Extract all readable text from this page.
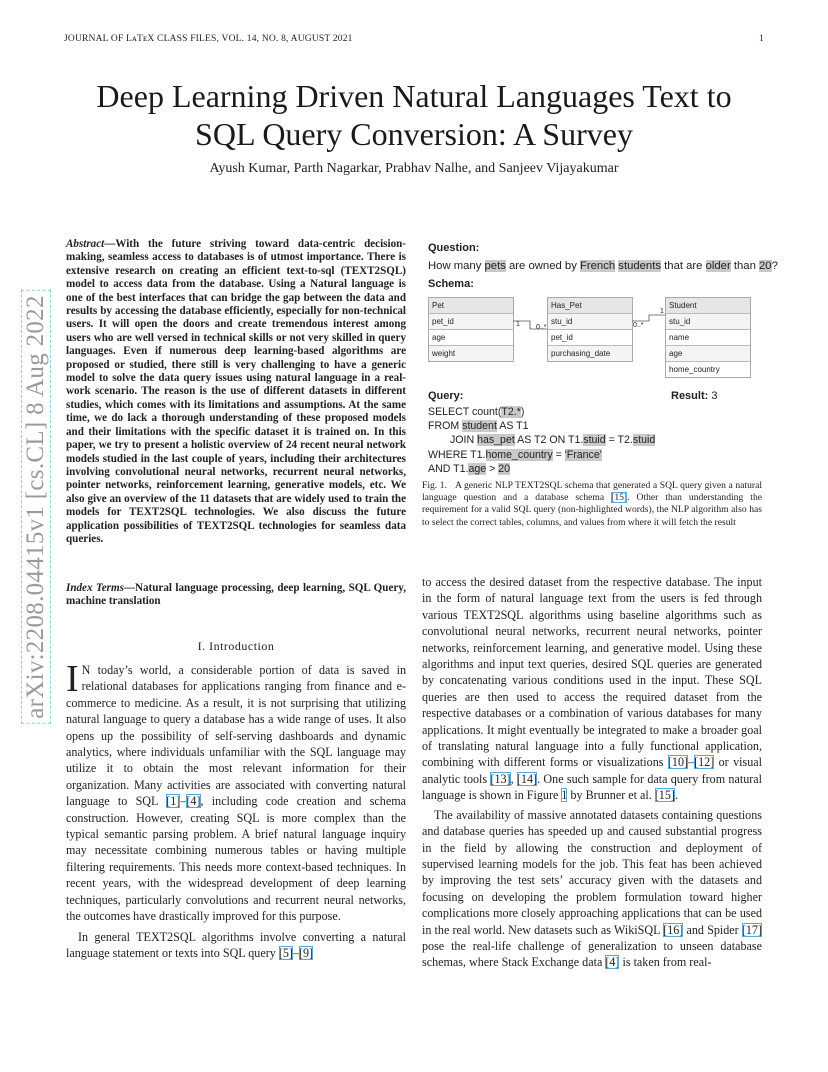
JOURNAL OF LᴀTᴇX CLASS FILES, VOL. 14, NO. 8, AUGUST 2021	1
arXiv:2208.04415v1 [cs.CL] 8 Aug 2022
Deep Learning Driven Natural Languages Text to
SQL Query Conversion: A Survey
Ayush Kumar, Parth Nagarkar, Prabhav Nalhe, and Sanjeev Vijayakumar
Abstract—With the future striving toward data-centric decision-making, seamless access to databases is of utmost importance. There is extensive research on creating an efficient text-to-sql (TEXT2SQL) model to access data from the database. Using a Natural language is one of the best interfaces that can bridge the gap between the data and results by accessing the database efficiently, especially for non-technical users. It will open the doors and create tremendous interest among users who are well versed in technical skills or not very skilled in query languages. Even if numerous deep learning-based algorithms are proposed or studied, there still is very challenging to have a generic model to solve the data query issues using natural language in a real-work scenario. The reason is the use of different datasets in different studies, which comes with its limitations and assumptions. At the same time, we do lack a thorough understanding of these proposed models and their limitations with the specific dataset it is trained on. In this paper, we try to present a holistic overview of 24 recent neural network models studied in the last couple of years, including their architectures involving convolutional neural networks, recurrent neural networks, pointer networks, reinforcement learning, generative models, etc. We also give an overview of the 11 datasets that are widely used to train the models for TEXT2SQL technologies. We also discuss the future application possibilities of TEXT2SQL technologies for seamless data queries.
Index Terms—Natural language processing, deep learning, SQL Query, machine translation
I. Introduction

I N today’s world, a considerable portion of data is saved in relational databases for applications ranging from finance and e-commerce to medicine. As a result, it is not surprising that utilizing natural language to query a database has a wide range of uses. It also opens up the possibility of self-serving dashboards and dynamic analytics, where individuals unfamiliar with the SQL language may utilize it to obtain the most relevant information for their organization. Many activities are associated with converting natural language to SQL [1]–[4], including code creation and schema construction. However, creating SQL is more complex than the typical semantic parsing problem. A brief natural language inquiry may necessitate combining numerous tables or having multiple filtering requirements. This needs more context-based techniques. In recent years, with the widespread development of deep learning techniques, particularly convolutions and recurrent neural networks, the outcomes have drastically improved for this purpose.

In general TEXT2SQL algorithms involve converting a natural language statement or texts into SQL query [5]–[9]

Question:
How many pets are owned by French students that are older than 20?
Schema:
Pet
pet_id
age
weight
Has_Pet
stu_id
pet_id
purchasing_date
Student
stu_id
name
age
home_country
1 0..*	0..*
1
Query:	Result: 3
SELECT count(T2.*)
FROM student AS T1
JOIN has_pet AS T2 ON T1.stuid = T2.stuid
WHERE T1.home_country = 'France'
AND T1.age > 20
Fig. 1. A generic NLP TEXT2SQL schema that generated a SQL query given a natural language question and a database schema [15]. Other than understanding the requirement for a valid SQL query (non-highlighted words), the NLP algorithm also has to select the correct tables, columns, and values from where it will fetch the result

to access the desired dataset from the respective database. The input in the form of natural language text from the users is fed through various TEXT2SQL algorithms using baseline algorithms such as convolutional neural networks, recurrent neural networks, pointer networks, reinforcement learning, and generative model. Using these algorithms and input text queries, desired SQL queries are generated by concatenating various conditions used in the input. These SQL queries are then used to access the required dataset from the respective databases or a combination of various databases for many applications. It might eventually be integrated to make a broader goal of translating natural language into a fully functional application, combining with different forms or visualizations [10]–[12] or visual analytic tools [13], [14]. One such sample for data query from natural language is shown in Figure 1 by Brunner et al. [15].

The availability of massive annotated datasets containing questions and database queries has speeded up and caused substantial progress in the field by allowing the construction and deployment of supervised learning models for the job. This feat has been achieved by improving the test sets’ accuracy given with the datasets and focusing on developing the problem formulation toward higher complications more closely approaching applications that can be used in the real world. New datasets such as WikiSQL [16] and Spider [17] pose the real-life challenge of generalization to unseen database schemas, where Stack Exchange data [4] is taken from real-
